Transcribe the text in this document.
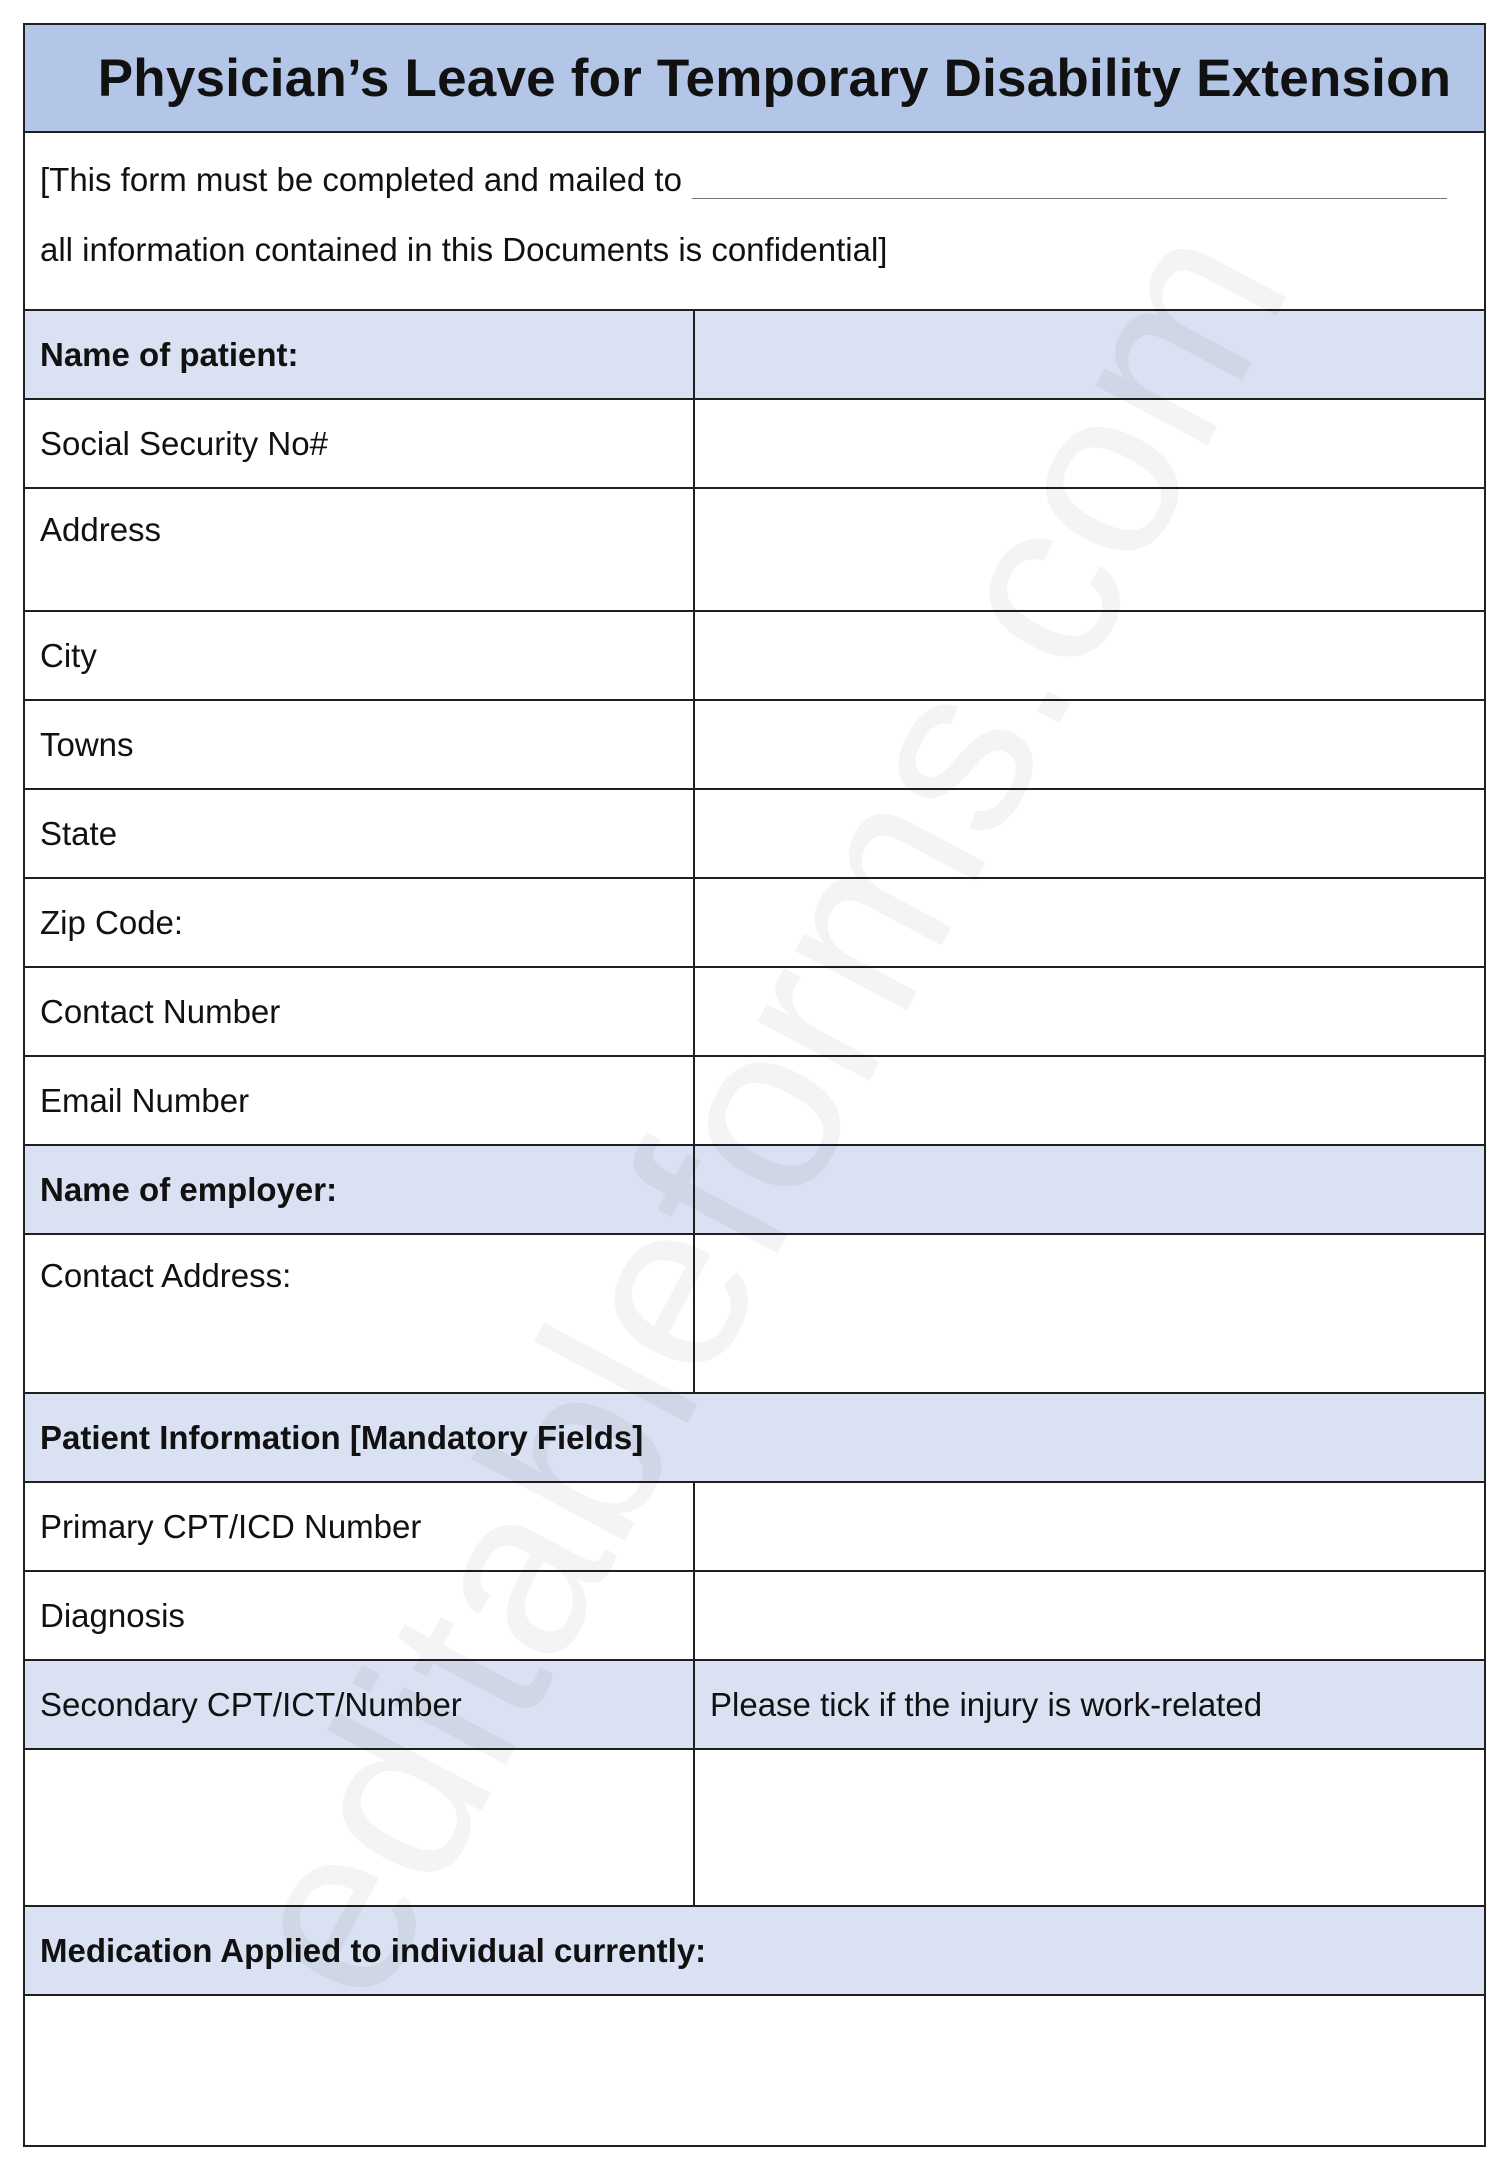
Physician’s Leave for Temporary Disability Extension
[This form must be completed and mailed to
all information contained in this Documents is confidential]
Name of patient:
Social Security No#
Address
City
Towns
State
Zip Code:
Contact Number
Email Number
Name of employer:
Contact Address:
Patient Information [Mandatory Fields]
Primary CPT/ICD Number
Diagnosis
Secondary CPT/ICT/Number	Please tick if the injury is work-related
Medication Applied to individual currently:
